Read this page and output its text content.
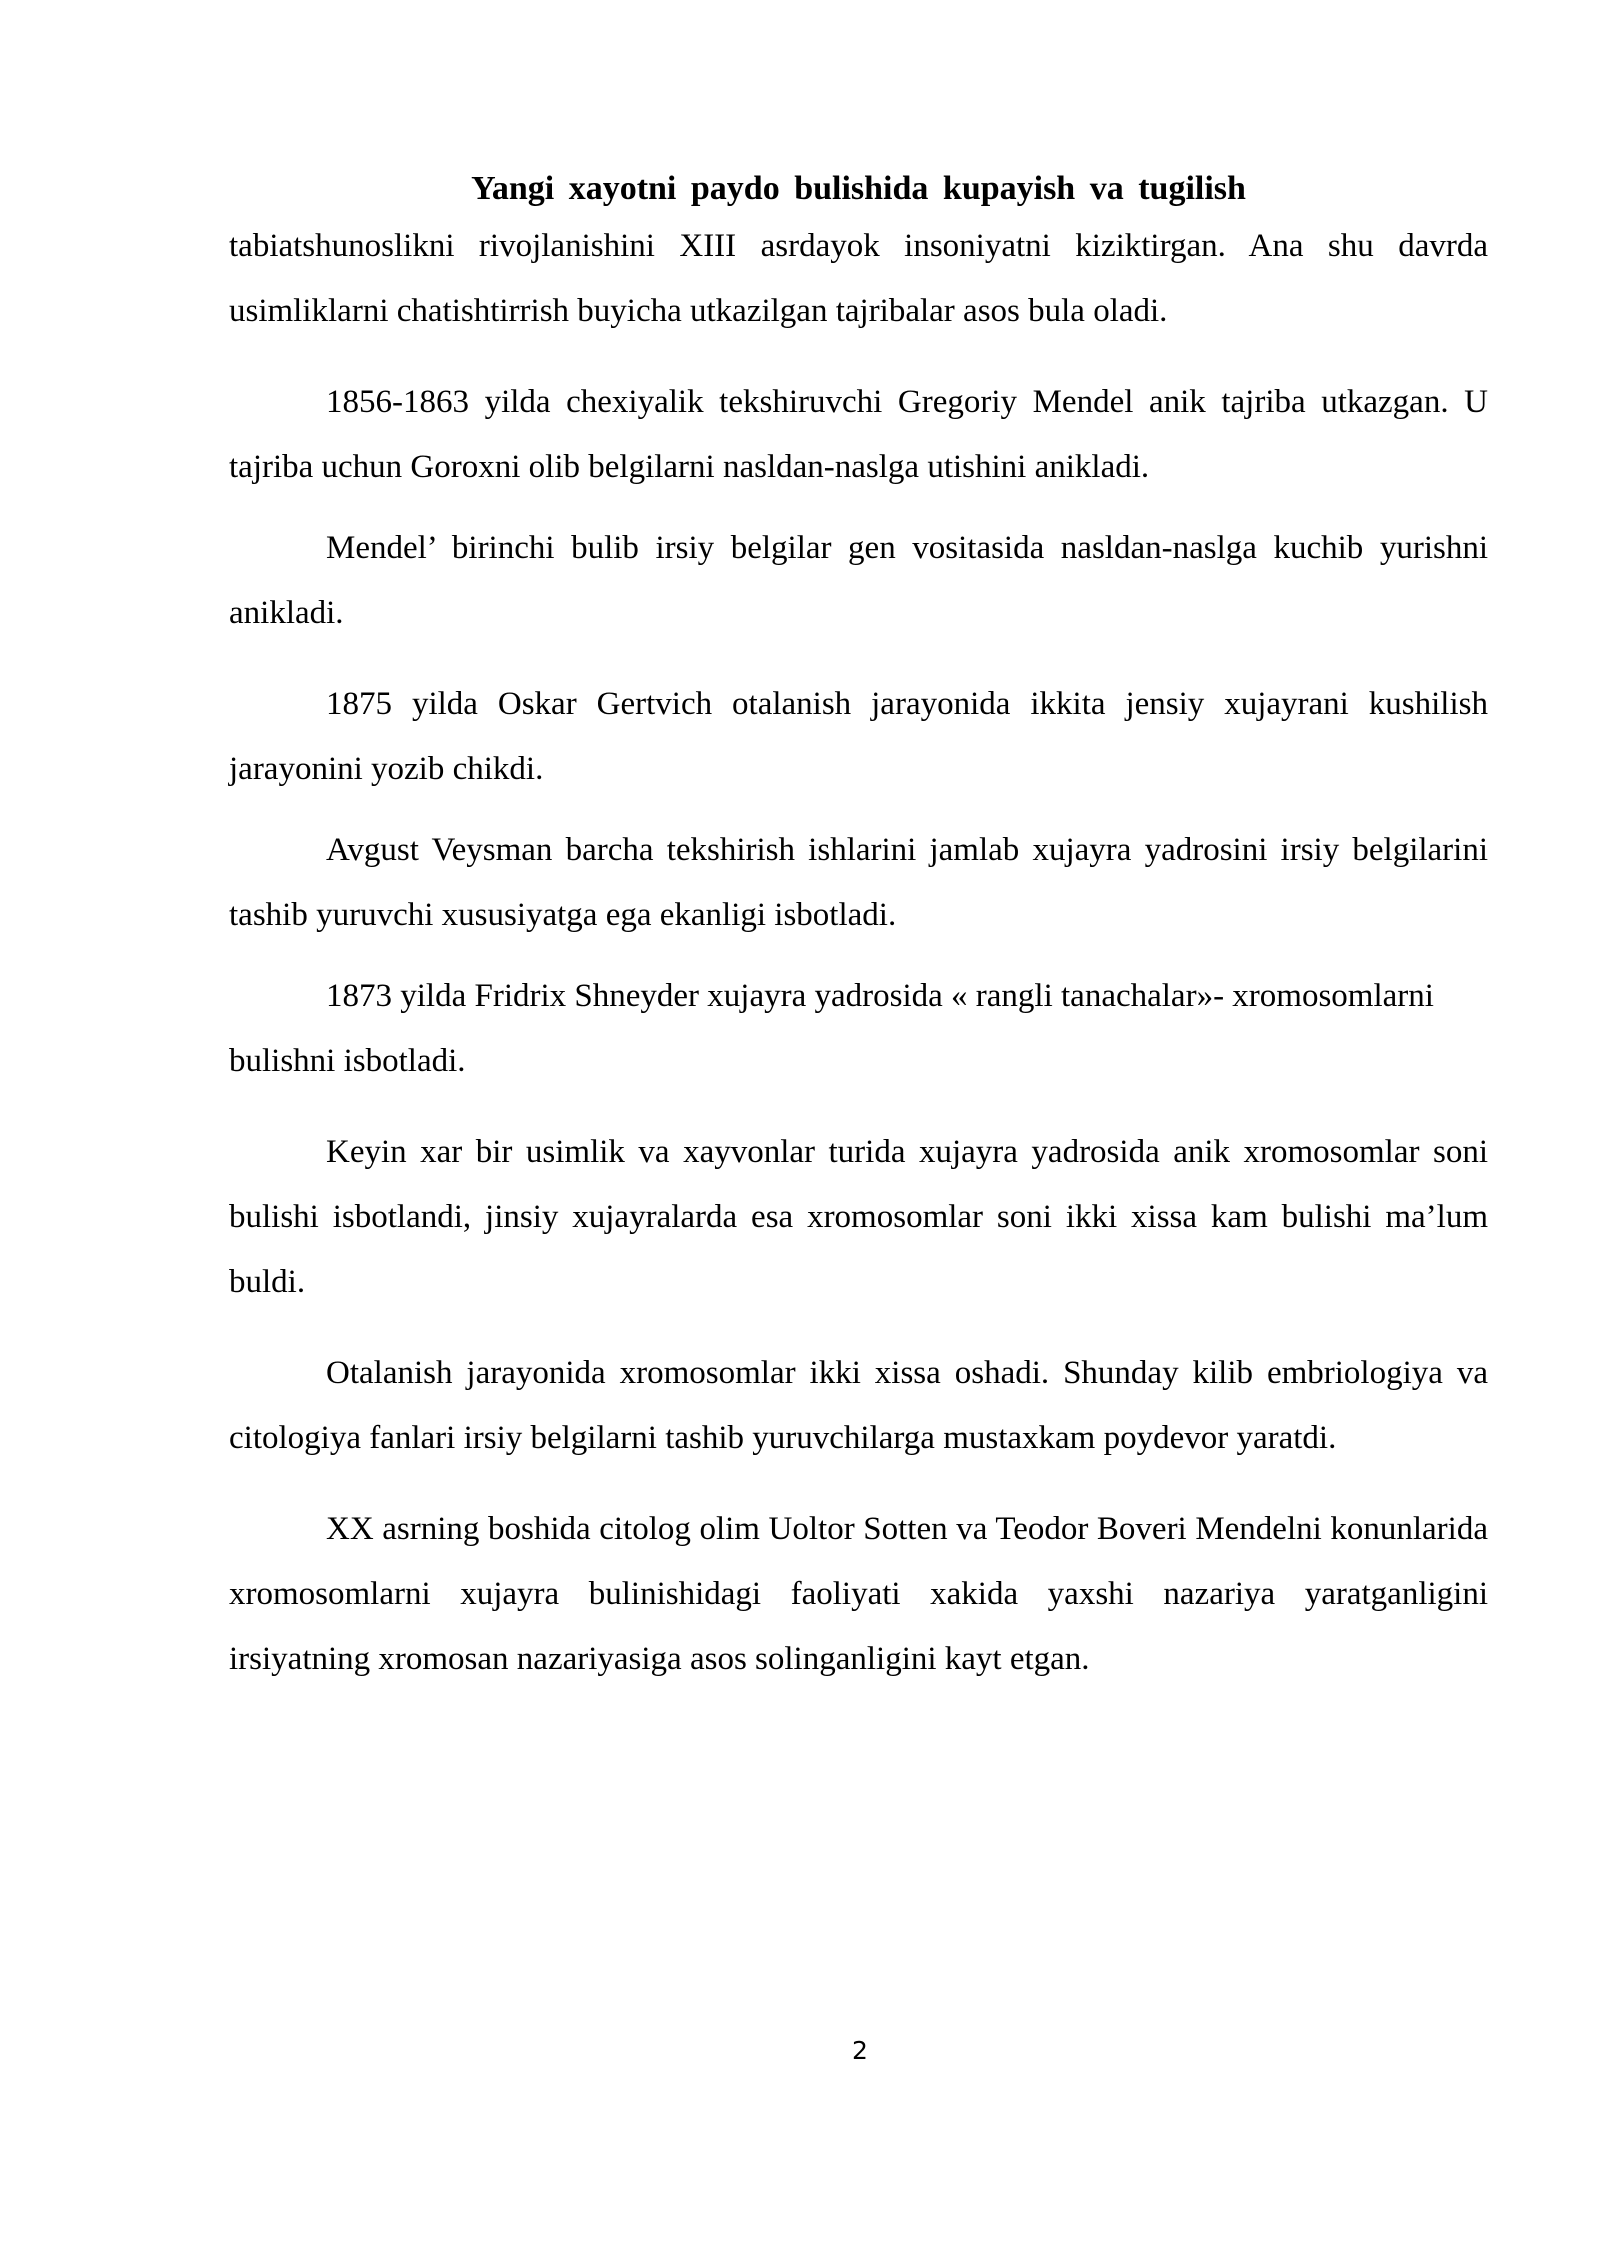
Yangi xayotni paydo bulishida kupayish va tugilish

tabiatshunoslikni rivojlanishini XIII asrdayok insoniyatni kiziktirgan. Ana shu davrda usimliklarni chatishtirrish buyicha utkazilgan tajribalar asos bula oladi.

1856-1863 yilda chexiyalik tekshiruvchi Gregoriy Mendel anik tajriba utkazgan. U tajriba uchun Goroxni olib belgilarni nasldan-naslga utishini anikladi.

Mendel’ birinchi bulib irsiy belgilar gen vositasida nasldan-naslga kuchib yurishni anikladi.

1875 yilda Oskar Gertvich otalanish jarayonida ikkita jensiy xujayrani kushilish jarayonini yozib chikdi.

Avgust Veysman barcha tekshirish ishlarini jamlab xujayra yadrosini irsiy belgilarini tashib yuruvchi xususiyatga ega ekanligi isbotladi.

1873 yilda Fridrix Shneyder xujayra yadrosida « rangli tanachalar»- xromosomlarni bulishni isbotladi.

Keyin xar bir usimlik va xayvonlar turida xujayra yadrosida anik xromosomlar soni bulishi isbotlandi, jinsiy xujayralarda esa xromosomlar soni ikki xissa kam bulishi ma’lum buldi.

Otalanish jarayonida xromosomlar ikki xissa oshadi. Shunday kilib embriologiya va citologiya fanlari irsiy belgilarni tashib yuruvchilarga mustaxkam poydevor yaratdi.

XX asrning boshida citolog olim Uoltor Sotten va Teodor Boveri Mendelni konunlarida xromosomlarni xujayra bulinishidagi faoliyati xakida yaxshi nazariya yaratganligini irsiyatning xromosan nazariyasiga asos solinganligini kayt etgan.

2
